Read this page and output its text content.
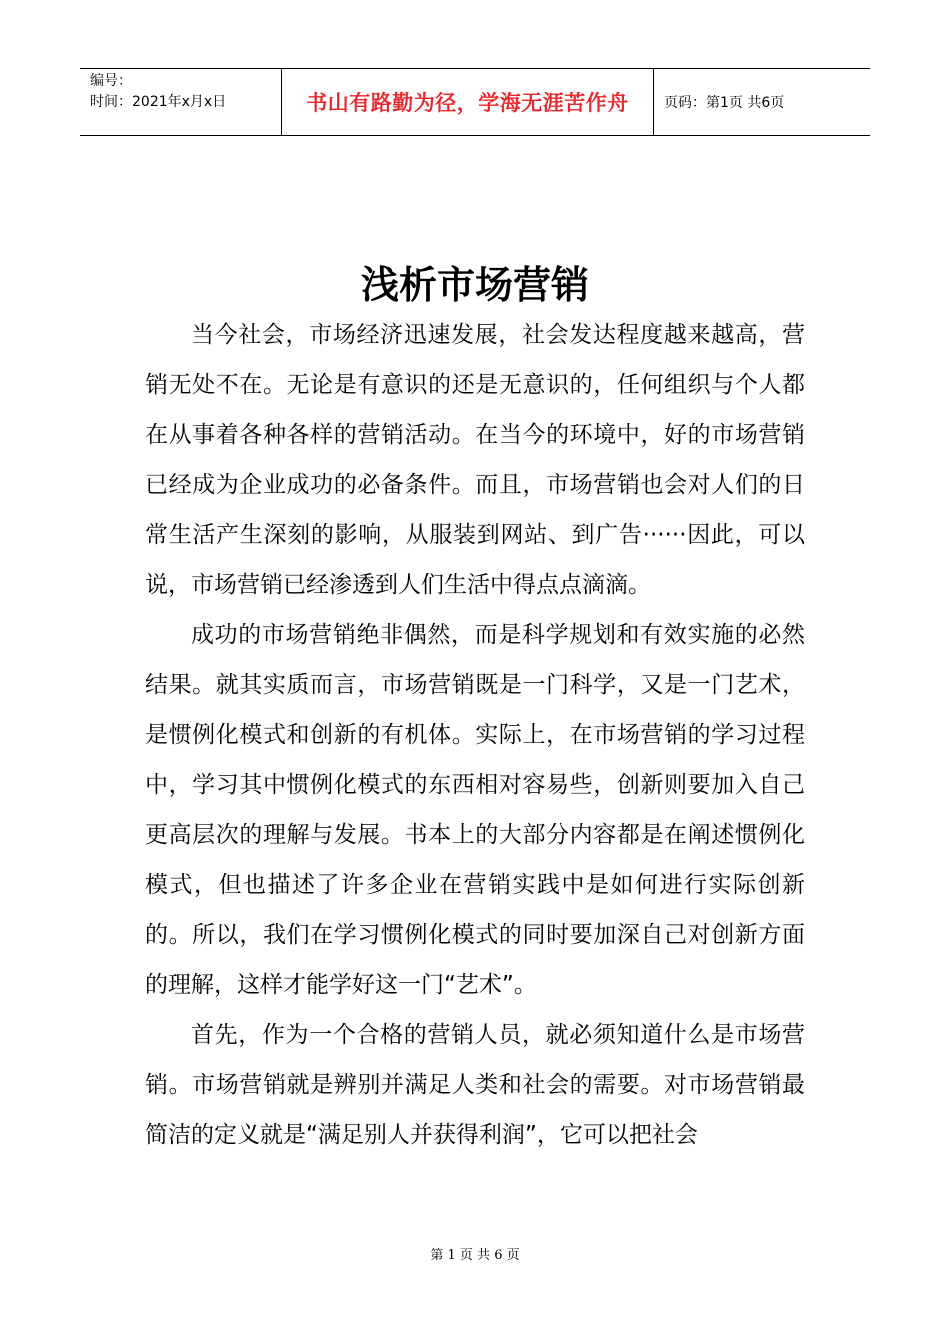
编号：
时间：2021年x月x日	书山有路勤为径，学海无涯苦作舟	页码：第1页 共6页
浅析市场营销

当今社会，市场经济迅速发展，社会发达程度越来越高，营销无处不在。无论是有意识的还是无意识的，任何组织与个人都在从事着各种各样的营销活动。在当今的环境中，好的市场营销已经成为企业成功的必备条件。而且，市场营销也会对人们的日常生活产生深刻的影响，从服装到网站、到广告······因此，可以说，市场营销已经渗透到人们生活中得点点滴滴。

成功的市场营销绝非偶然，而是科学规划和有效实施的必然结果。就其实质而言，市场营销既是一门科学，又是一门艺术，是惯例化模式和创新的有机体。实际上，在市场营销的学习过程中，学习其中惯例化模式的东西相对容易些，创新则要加入自己更高层次的理解与发展。书本上的大部分内容都是在阐述惯例化模式，但也描述了许多企业在营销实践中是如何进行实际创新的。所以，我们在学习惯例化模式的同时要加深自己对创新方面的理解，这样才能学好这一门“艺术”。

首先，作为一个合格的营销人员，就必须知道什么是市场营销。市场营销就是辨别并满足人类和社会的需要。对市场营销最简洁的定义就是“满足别人并获得利润”，它可以把社会

第 1 页 共 6 页
